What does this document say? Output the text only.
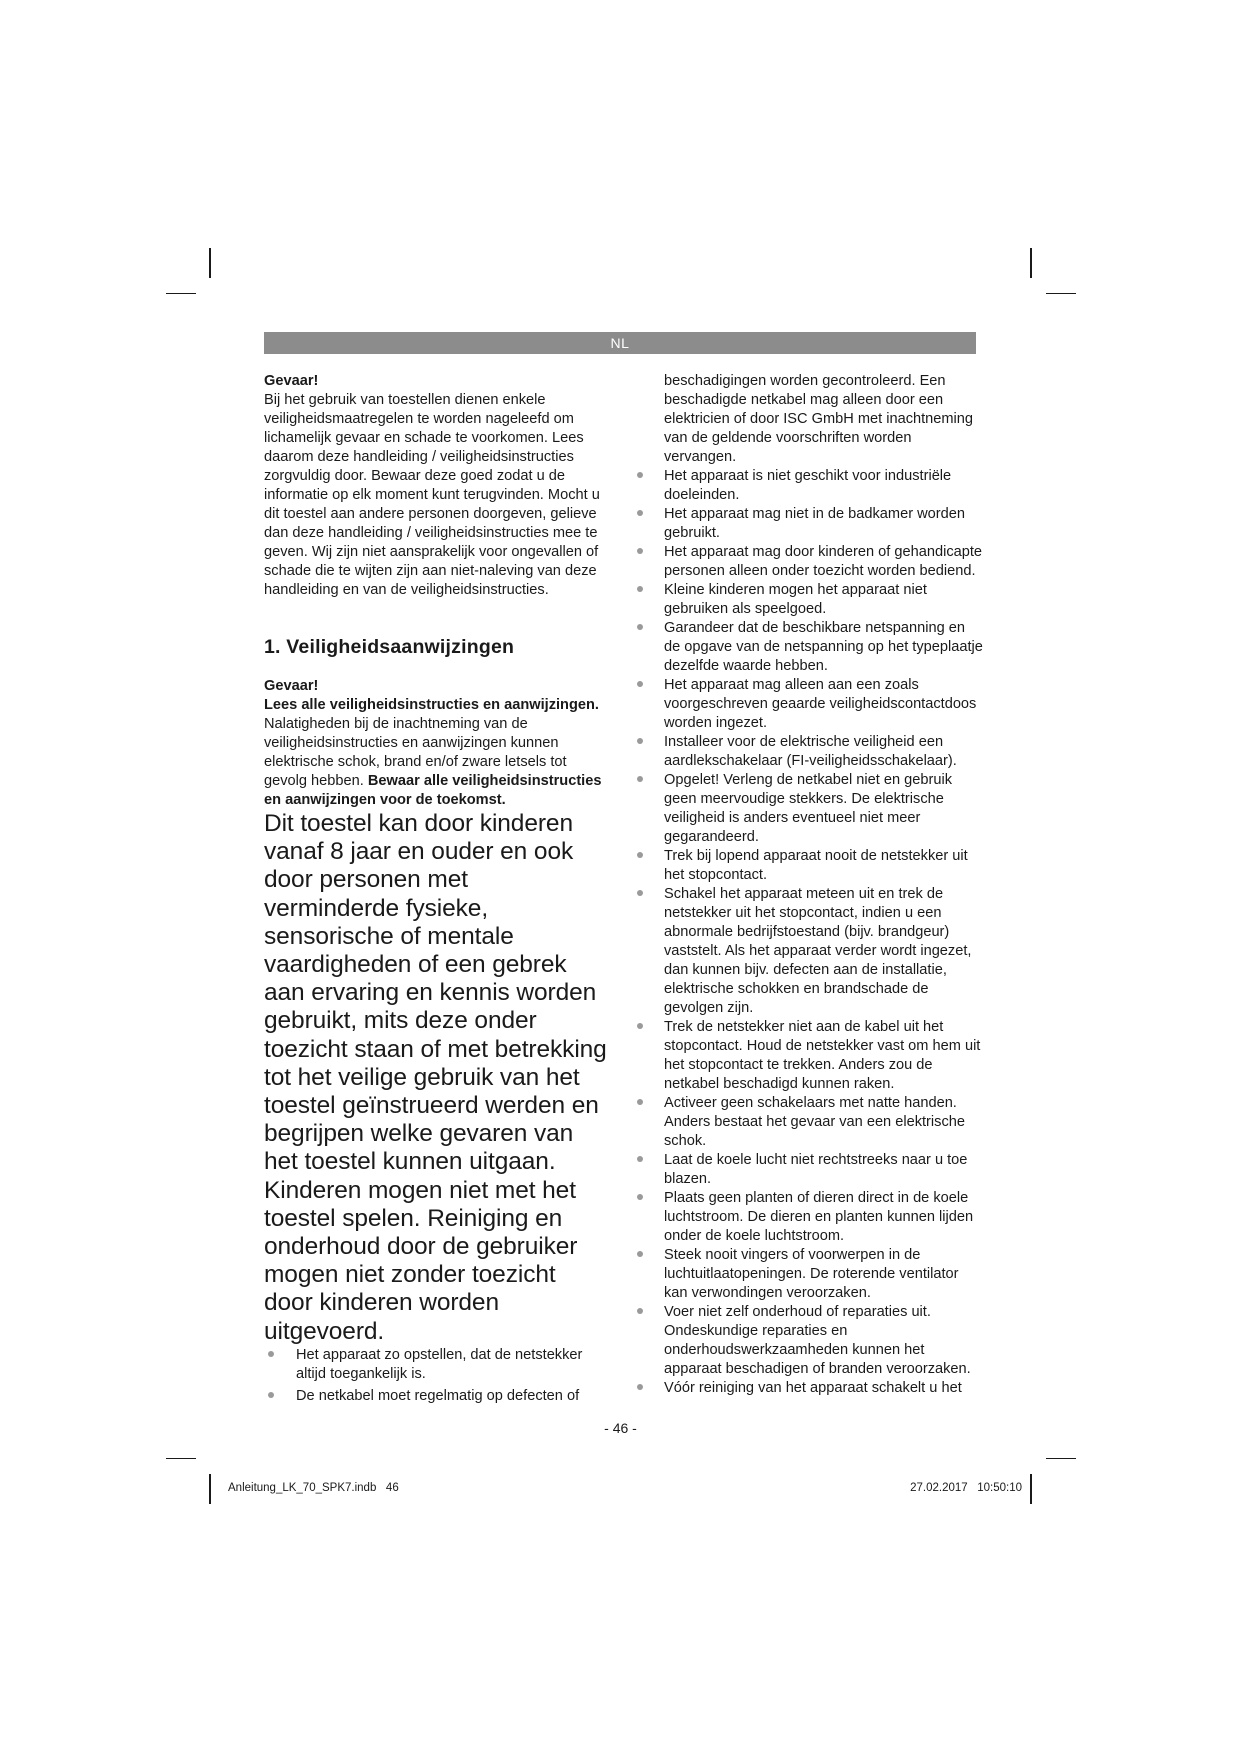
NL

Gevaar!

Bij het gebruik van toestellen dienen enkele veiligheidsmaatregelen te worden nageleefd om lichamelijk gevaar en schade te voorkomen. Lees daarom deze handleiding / veiligheidsinstructies zorgvuldig door. Bewaar deze goed zodat u de informatie op elk moment kunt terugvinden. Mocht u dit toestel aan andere personen doorgeven, gelieve dan deze handleiding / veiligheidsinstructies mee te geven. Wij zijn niet aansprakelijk voor ongevallen of schade die te wijten zijn aan niet-naleving van deze handleiding en van de veiligheidsinstructies.

1. Veiligheidsaanwijzingen

Gevaar!

Lees alle veiligheidsinstructies en aanwijzingen. Nalatigheden bij de inachtneming van de veiligheidsinstructies en aanwijzingen kunnen elektrische schok, brand en/of zware letsels tot gevolg hebben. Bewaar alle veiligheidsinstructies en aanwijzingen voor de toekomst.

Dit toestel kan door kinderen vanaf 8 jaar en ouder en ook door personen met verminderde fysieke, sensorische of mentale vaardigheden of een gebrek aan ervaring en kennis worden gebruikt, mits deze onder toezicht staan of met betrekking tot het veilige gebruik van het toestel geïnstrueerd werden en begrijpen welke gevaren van het toestel kunnen uitgaan. Kinderen mogen niet met het toestel spelen. Reiniging en onderhoud door de gebruiker mogen niet zonder toezicht door kinderen worden uitgevoerd.

Het apparaat zo opstellen, dat de netstekker altijd toegankelijk is.
De netkabel moet regelmatig op defecten of

beschadigingen worden gecontroleerd. Een beschadigde netkabel mag alleen door een elektricien of door ISC GmbH met inachtneming van de geldende voorschriften worden vervangen.

Het apparaat is niet geschikt voor industriële doeleinden.
Het apparaat mag niet in de badkamer worden gebruikt.
Het apparaat mag door kinderen of gehandicapte personen alleen onder toezicht worden bediend.
Kleine kinderen mogen het apparaat niet gebruiken als speelgoed.
Garandeer dat de beschikbare netspanning en de opgave van de netspanning op het typeplaatje dezelfde waarde hebben.
Het apparaat mag alleen aan een zoals voorgeschreven geaarde veiligheidscontactdoos worden ingezet.
Installeer voor de elektrische veiligheid een aardlekschakelaar (FI-veiligheidsschakelaar).
Opgelet! Verleng de netkabel niet en gebruik geen meervoudige stekkers. De elektrische veiligheid is anders eventueel niet meer gegarandeerd.
Trek bij lopend apparaat nooit de netstekker uit het stopcontact.
Schakel het apparaat meteen uit en trek de netstekker uit het stopcontact, indien u een abnormale bedrijfstoestand (bijv. brandgeur) vaststelt. Als het apparaat verder wordt ingezet, dan kunnen bijv. defecten aan de installatie, elektrische schokken en brandschade de gevolgen zijn.
Trek de netstekker niet aan de kabel uit het stopcontact. Houd de netstekker vast om hem uit het stopcontact te trekken. Anders zou de netkabel beschadigd kunnen raken.
Activeer geen schakelaars met natte handen. Anders bestaat het gevaar van een elektrische schok.
Laat de koele lucht niet rechtstreeks naar u toe blazen.
Plaats geen planten of dieren direct in de koele luchtstroom. De dieren en planten kunnen lijden onder de koele luchtstroom.
Steek nooit vingers of voorwerpen in de luchtuitlaatopeningen. De roterende ventilator kan verwondingen veroorzaken.
Voer niet zelf onderhoud of reparaties uit. Ondeskundige reparaties en onderhoudswerkzaamheden kunnen het apparaat beschadigen of branden veroorzaken.
Vóór reiniging van het apparaat schakelt u het
- 46 -
Anleitung_LK_70_SPK7.indb   46	27.02.2017   10:50:10
